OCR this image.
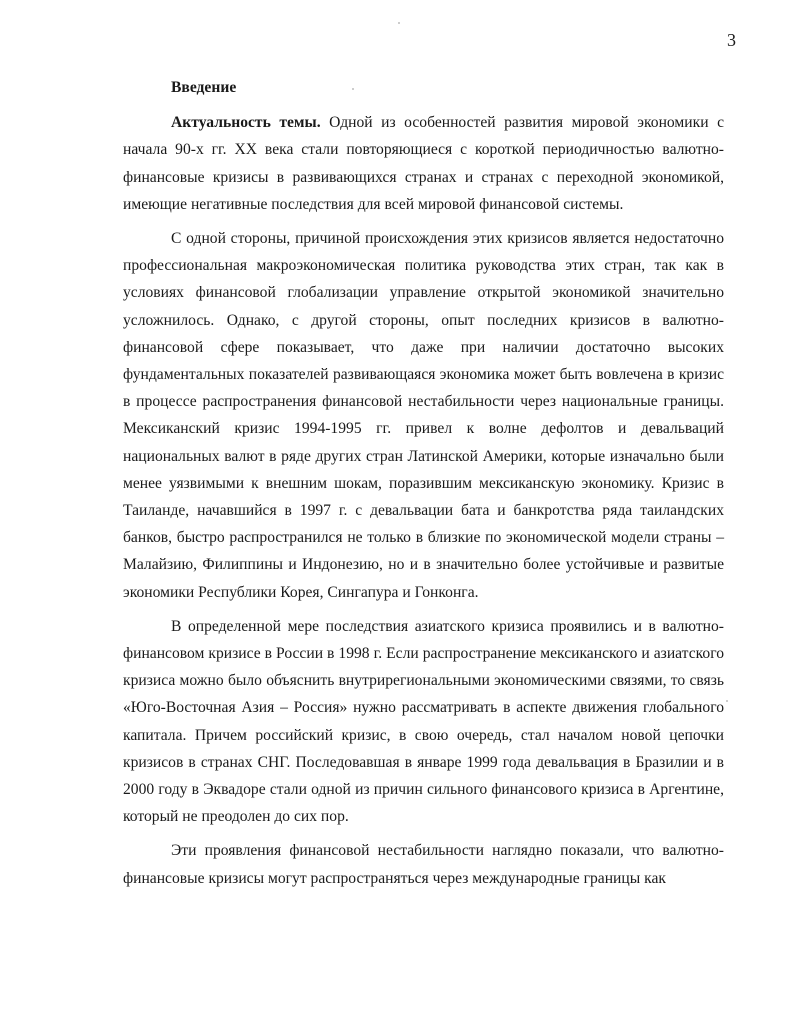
3
Введение

Актуальность темы. Одной из особенностей развития мировой экономики с начала 90-х гг. XX века стали повторяющиеся с короткой периодичностью валютно-финансовые кризисы в развивающихся странах и странах с переходной экономикой, имеющие негативные последствия для всей мировой финансовой системы.

С одной стороны, причиной происхождения этих кризисов является недостаточно профессиональная макроэкономическая политика руководства этих стран, так как в условиях финансовой глобализации управление открытой экономикой значительно усложнилось. Однако, с другой стороны, опыт последних кризисов в валютно-финансовой сфере показывает, что даже при наличии достаточно высоких фундаментальных показателей развивающаяся экономика может быть вовлечена в кризис в процессе распространения финансовой нестабильности через национальные границы. Мексиканский кризис 1994-1995 гг. привел к волне дефолтов и девальваций национальных валют в ряде других стран Латинской Америки, которые изначально были менее уязвимыми к внешним шокам, поразившим мексиканскую экономику. Кризис в Таиланде, начавшийся в 1997 г. с девальвации бата и банкротства ряда таиландских банков, быстро распространился не только в близкие по экономической модели страны – Малайзию, Филиппины и Индонезию, но и в значительно более устойчивые и развитые экономики Республики Корея, Сингапура и Гонконга.

В определенной мере последствия азиатского кризиса проявились и в валютно-финансовом кризисе в России в 1998 г. Если распространение мексиканского и азиатского кризиса можно было объяснить внутрирегиональными экономическими связями, то связь «Юго-Восточная Азия – Россия» нужно рассматривать в аспекте движения глобального капитала. Причем российский кризис, в свою очередь, стал началом новой цепочки кризисов в странах СНГ. Последовавшая в январе 1999 года девальвация в Бразилии и в 2000 году в Эквадоре стали одной из причин сильного финансового кризиса в Аргентине, который не преодолен до сих пор.

Эти проявления финансовой нестабильности наглядно показали, что валютно-финансовые кризисы могут распространяться через международные границы как
